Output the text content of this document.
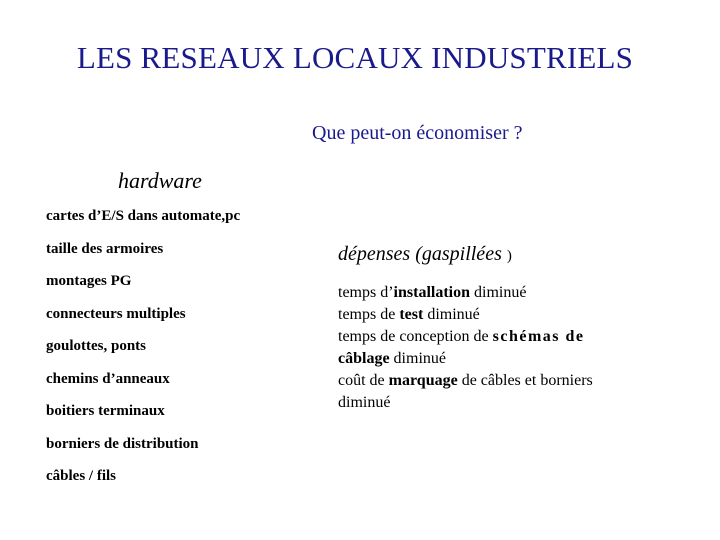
LES RESEAUX LOCAUX INDUSTRIELS
Que peut-on économiser ?
hardware
cartes d’E/S dans automate,pc
taille des armoires
montages PG
connecteurs multiples
goulottes, ponts
chemins d’anneaux
boitiers terminaux
borniers de distribution
câbles / fils
dépenses (gaspillées )
temps d’installation diminué
temps de test diminué
temps de conception de schémas de
câblage diminué
coût de marquage de câbles et borniers
diminué
